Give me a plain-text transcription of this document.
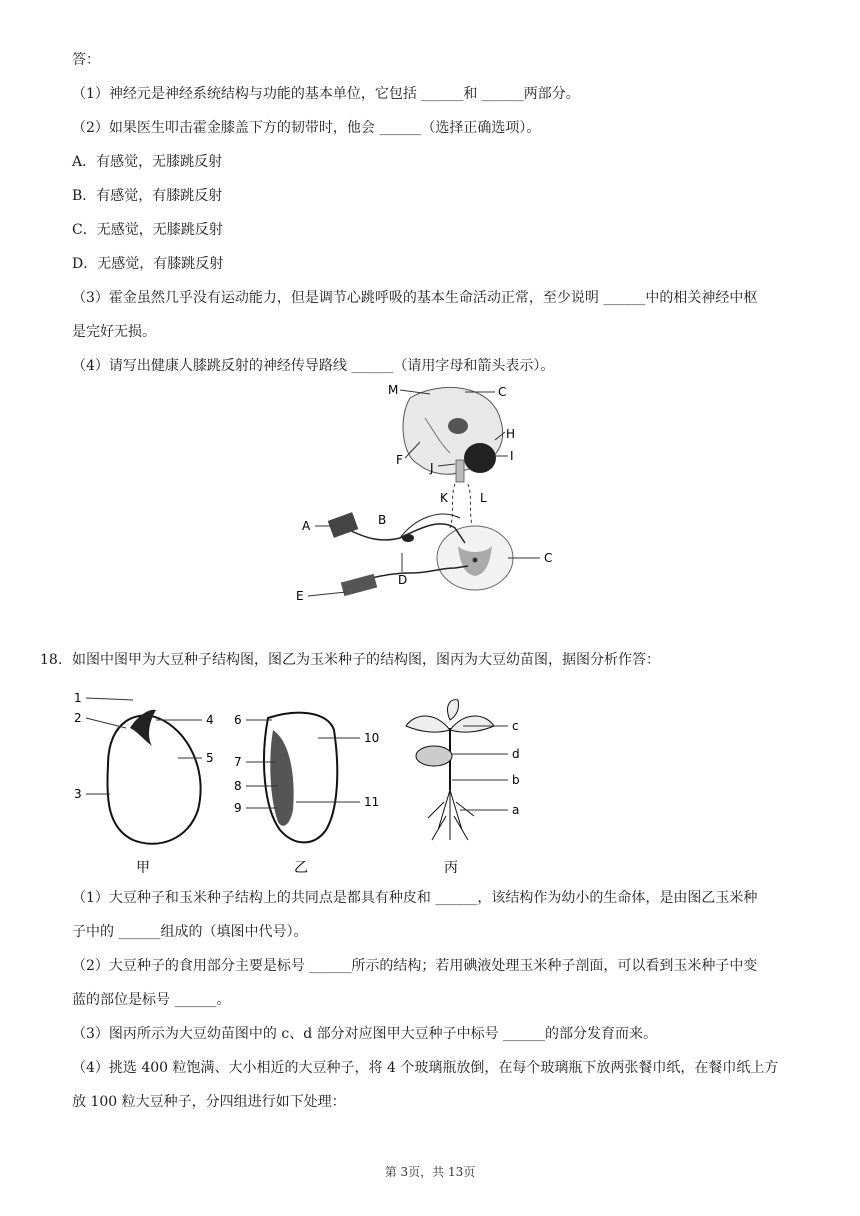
答：
（1）神经元是神经系统结构与功能的基本单位，它包括 ______和 ______两部分。
（2）如果医生叩击霍金膝盖下方的韧带时，他会 ______（选择正确选项）。
A．有感觉，无膝跳反射
B．有感觉，有膝跳反射
C．无感觉，无膝跳反射
D．无感觉，有膝跳反射
（3）霍金虽然几乎没有运动能力，但是调节心跳呼吸的基本生命活动正常，至少说明 ______中的相关神经中枢
是完好无损。
（4）请写出健康人膝跳反射的神经传导路线 ______（请用字母和箭头表示）。
M	C
H
I
F
J
K	L
A	B
C
D
E
18. 如图中图甲为大豆种子结构图，图乙为玉米种子的结构图，图丙为大豆幼苗图，据图分析作答：
1
2
3
4
5
甲
6
7
8
9
10
11
乙
c
d
b
a
丙
（1）大豆种子和玉米种子结构上的共同点是都具有种皮和 ______，该结构作为幼小的生命体，是由图乙玉米种
子中的 ______组成的（填图中代号）。
（2）大豆种子的食用部分主要是标号 ______所示的结构；若用碘液处理玉米种子剖面，可以看到玉米种子中变
蓝的部位是标号 ______。
（3）图丙所示为大豆幼苗图中的 c、d 部分对应图甲大豆种子中标号 ______的部分发育而来。
（4）挑选 400 粒饱满、大小相近的大豆种子，将 4 个玻璃瓶放倒，在每个玻璃瓶下放两张餐巾纸，在餐巾纸上方
放 100 粒大豆种子，分四组进行如下处理：
第 3页，共 13页
